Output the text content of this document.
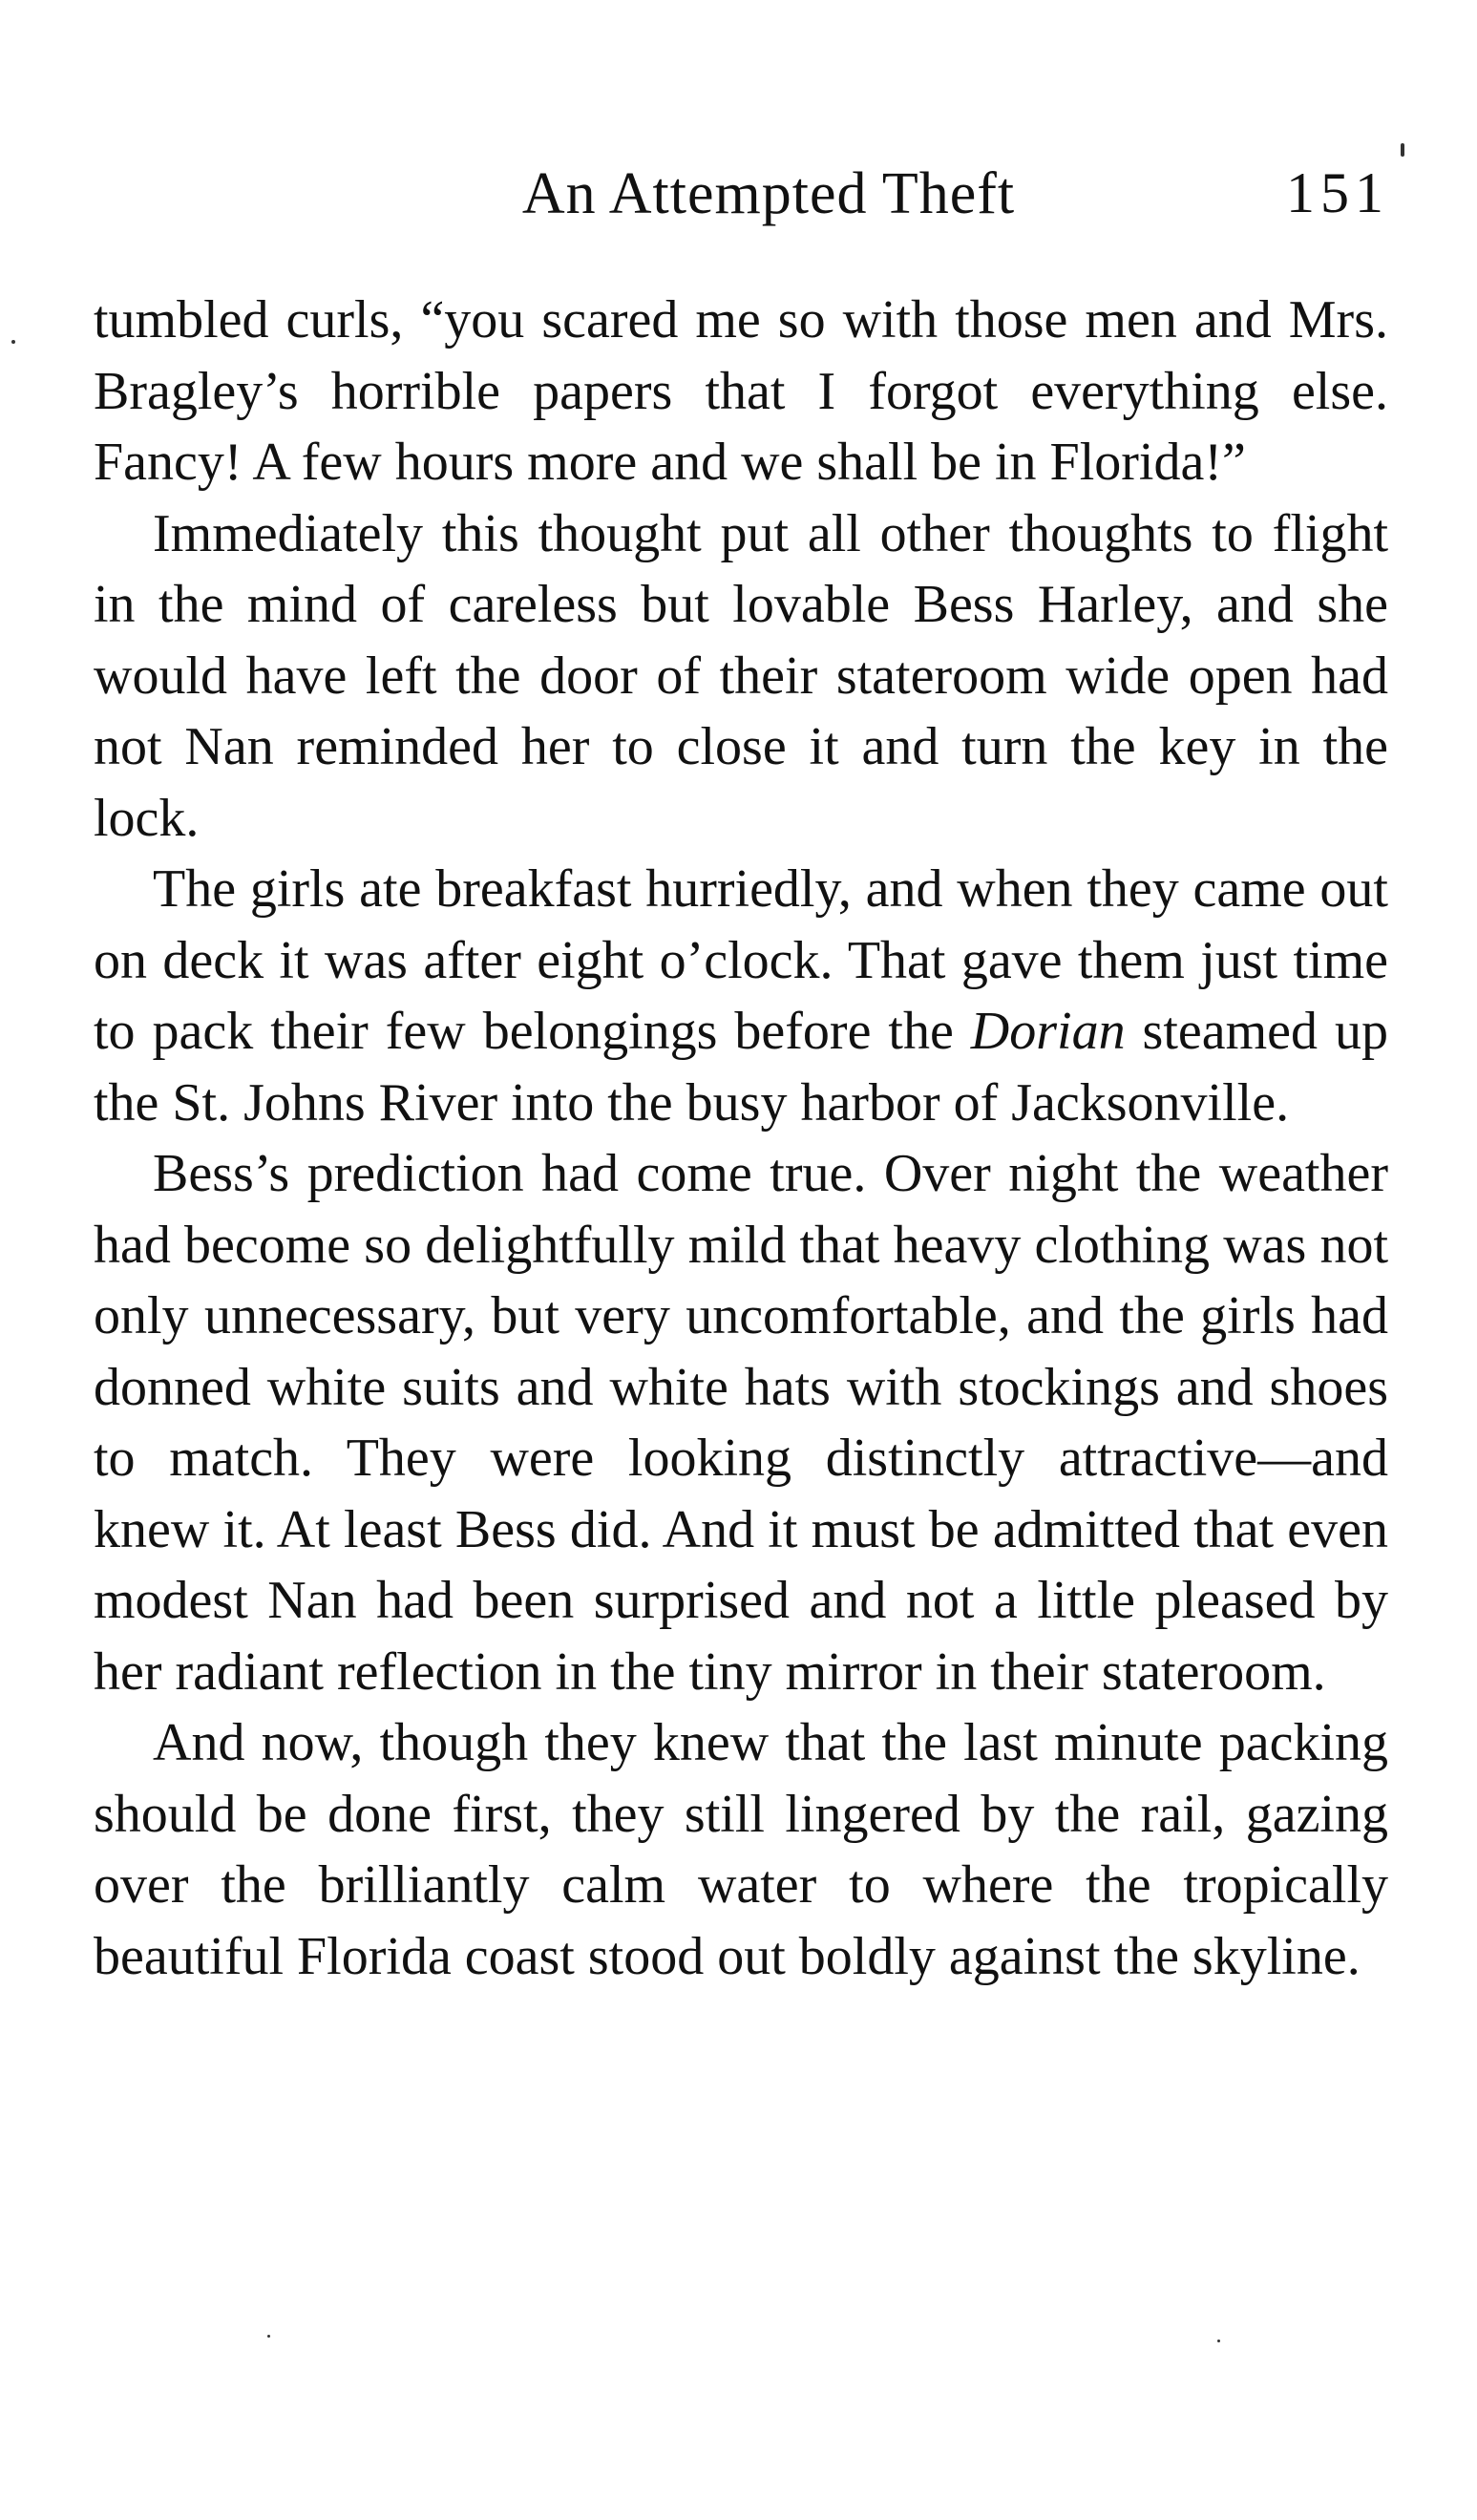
An Attempted Theft	151

tumbled curls, “you scared me so with those men and Mrs. Bragley’s horrible papers that I forgot everything else. Fancy! A few hours more and we shall be in Florida!”

Immediately this thought put all other thoughts to flight in the mind of careless but lovable Bess Harley, and she would have left the door of their stateroom wide open had not Nan reminded her to close it and turn the key in the lock.

The girls ate breakfast hurriedly, and when they came out on deck it was after eight o’clock. That gave them just time to pack their few belongings before the Dorian steamed up the St. Johns River into the busy harbor of Jacksonville.

Bess’s prediction had come true. Over night the weather had become so delightfully mild that heavy clothing was not only unnecessary, but very uncomfortable, and the girls had donned white suits and white hats with stockings and shoes to match. They were looking distinctly attractive—and knew it. At least Bess did. And it must be admitted that even modest Nan had been surprised and not a little pleased by her radiant reflection in the tiny mirror in their stateroom.

And now, though they knew that the last minute packing should be done first, they still lingered by the rail, gazing over the brilliantly calm water to where the tropically beautiful Florida coast stood out boldly against the skyline.
